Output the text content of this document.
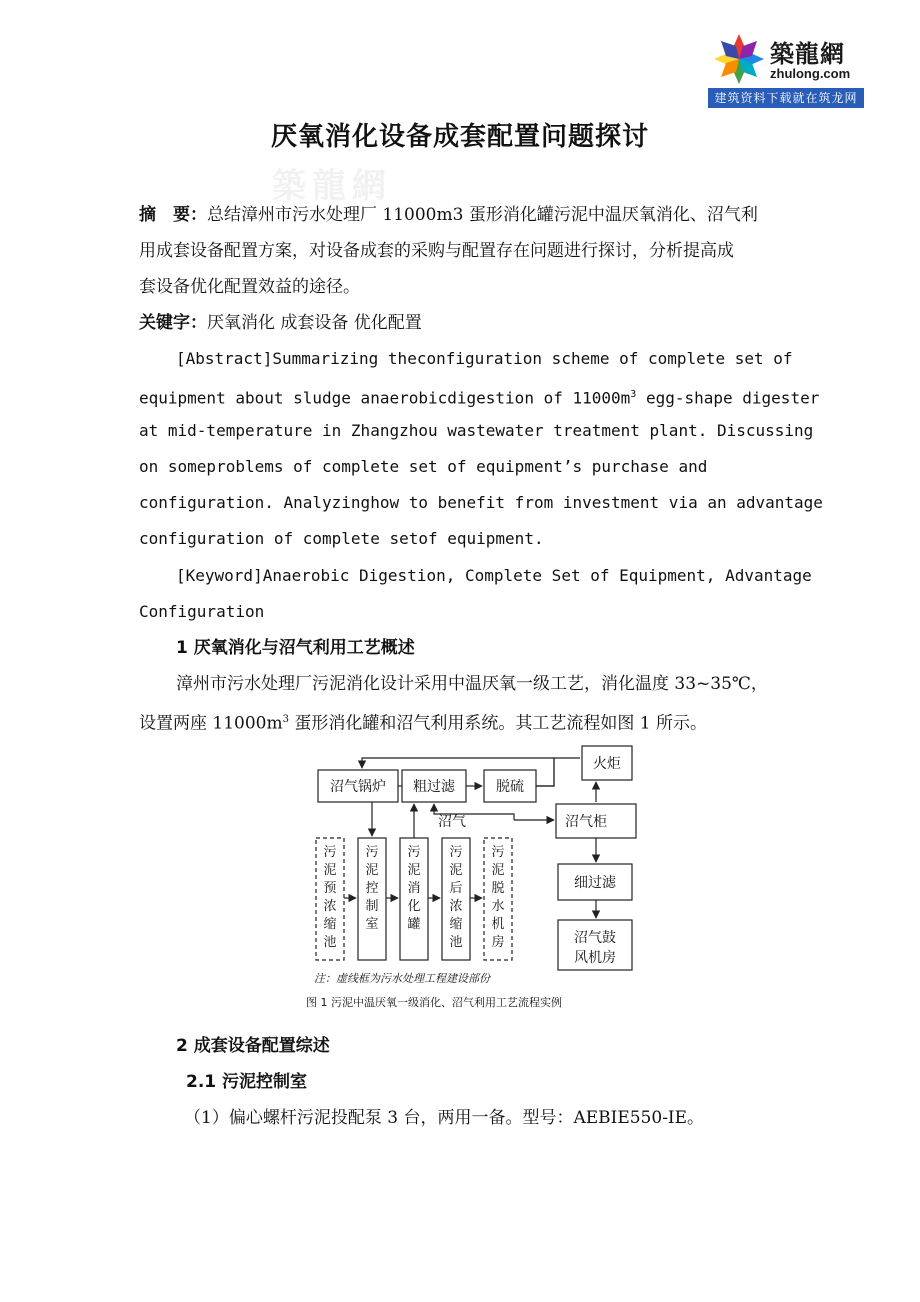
築龍網
zhulong.com
建筑资料下载就在筑龙网
築龍網
厌氧消化设备成套配置问题探讨
摘　要：总结漳州市污水处理厂 11000m3 蛋形消化罐污泥中温厌氧消化、沼气利
用成套设备配置方案，对设备成套的采购与配置存在问题进行探讨，分析提高成
套设备优化配置效益的途径。
关键字：厌氧消化 成套设备 优化配置
[Abstract]Summarizing theconfiguration scheme of complete set of
equipment about sludge anaerobicdigestion of $11000m^3$ egg-shape digester
at mid-temperature in Zhangzhou wastewater treatment plant. Discussing
on someproblems of complete set of equipment’s purchase and
configuration. Analyzinghow to benefit from investment via an advantage
configuration of complete setof equipment.
[Keyword]Anaerobic Digestion, Complete Set of Equipment, Advantage
Configuration
1 厌氧消化与沼气利用工艺概述
漳州市污水处理厂污泥消化设计采用中温厌氧一级工艺，消化温度 33~35℃，
设置两座 $11000m^3$ 蛋形消化罐和沼气利用系统。其工艺流程如图 1 所示。
沼气锅炉 粗过滤	脱硫
火炬
沼气柜
细过滤
沼气鼓
风机房
沼气
污
泥
预
浓
缩
池
污
泥
控
制
室
污
泥
消
化
罐
污
泥
后
浓
缩
池
污
泥
脱
水
机
房
注：虚线框为污水处理工程建设部份
图 1 污泥中温厌氧一级消化、沼气利用工艺流程实例
2 成套设备配置综述
2.1 污泥控制室
（1）偏心螺杆污泥投配泵 3 台，两用一备。型号：AEBIE550-IE。
